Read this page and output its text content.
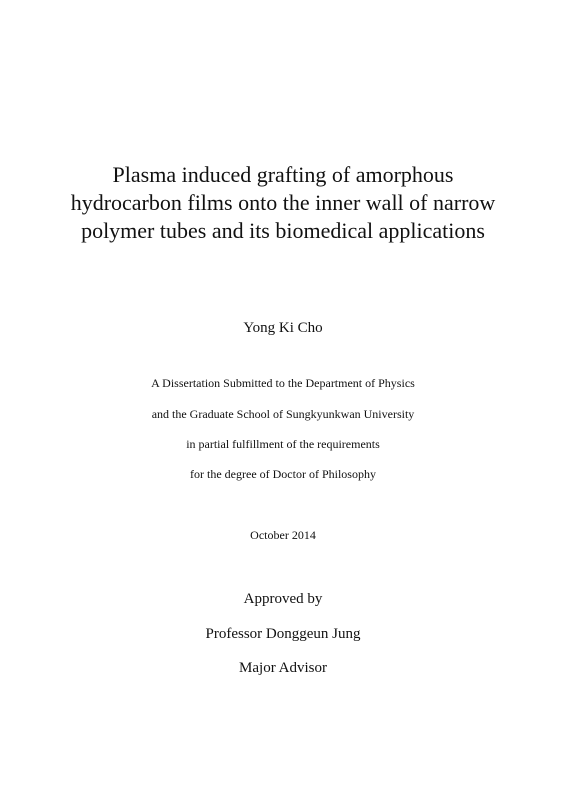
Plasma induced grafting of amorphous
hydrocarbon films onto the inner wall of narrow
polymer tubes and its biomedical applications
Yong Ki Cho
A Dissertation Submitted to the Department of Physics
and the Graduate School of Sungkyunkwan University
in partial fulfillment of the requirements
for the degree of Doctor of Philosophy
October 2014
Approved by
Professor Donggeun Jung
Major Advisor
